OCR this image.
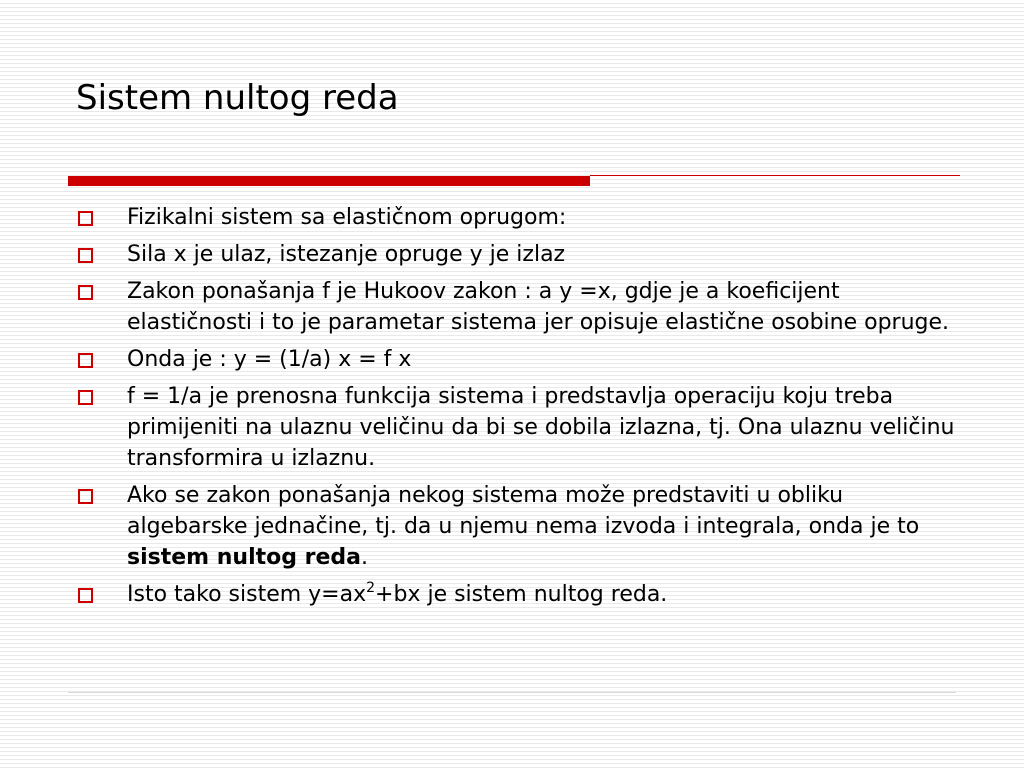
Sistem nultog reda
Fizikalni sistem sa elastičnom oprugom:
Sila x je ulaz, istezanje opruge y je izlaz
Zakon ponašanja f je Hukoov zakon : a y =x, gdje je a koeficijent elastičnosti i to je parametar sistema jer opisuje elastične osobine opruge.
Onda je : y = (1/a) x = f x
f = 1/a je prenosna funkcija sistema i predstavlja operaciju koju treba primijeniti na ulaznu veličinu da bi se dobila izlazna, tj. Ona ulaznu veličinu transformira u izlaznu.
Ako se zakon ponašanja nekog sistema može predstaviti u obliku algebarske jednačine, tj. da u njemu nema izvoda i integrala, onda je to sistem nultog reda.
Isto tako sistem $y=ax^2+bx$ je sistem nultog reda.
